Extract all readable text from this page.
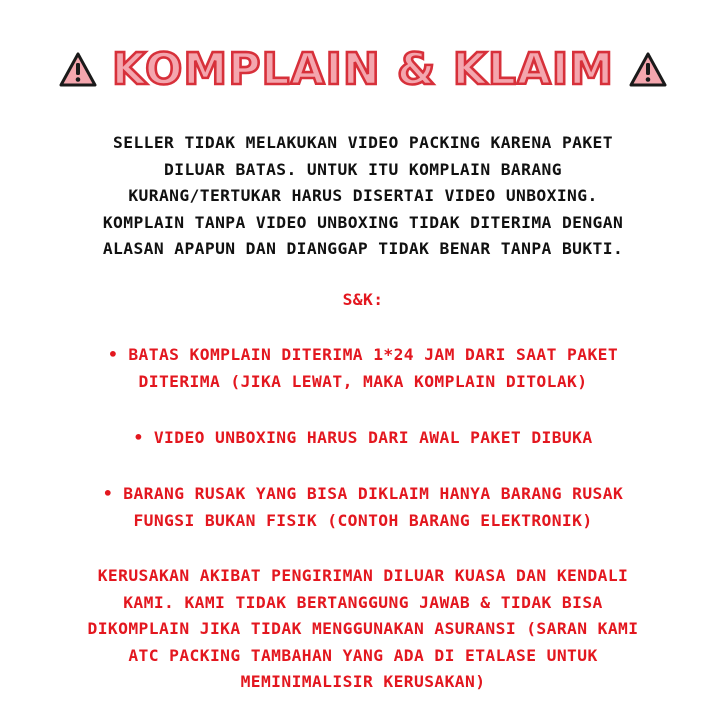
KOMPLAIN & KLAIM
SELLER TIDAK MELAKUKAN VIDEO PACKING KARENA PAKET
DILUAR BATAS. UNTUK ITU KOMPLAIN BARANG
KURANG/TERTUKAR HARUS DISERTAI VIDEO UNBOXING.
KOMPLAIN TANPA VIDEO UNBOXING TIDAK DITERIMA DENGAN
ALASAN APAPUN DAN DIANGGAP TIDAK BENAR TANPA BUKTI.
S&K:
• BATAS KOMPLAIN DITERIMA 1*24 JAM DARI SAAT PAKET
DITERIMA (JIKA LEWAT, MAKA KOMPLAIN DITOLAK)
• VIDEO UNBOXING HARUS DARI AWAL PAKET DIBUKA
• BARANG RUSAK YANG BISA DIKLAIM HANYA BARANG RUSAK
FUNGSI BUKAN FISIK (CONTOH BARANG ELEKTRONIK)
KERUSAKAN AKIBAT PENGIRIMAN DILUAR KUASA DAN KENDALI
KAMI. KAMI TIDAK BERTANGGUNG JAWAB & TIDAK BISA
DIKOMPLAIN JIKA TIDAK MENGGUNAKAN ASURANSI (SARAN KAMI
ATC PACKING TAMBAHAN YANG ADA DI ETALASE UNTUK
MEMINIMALISIR KERUSAKAN)
